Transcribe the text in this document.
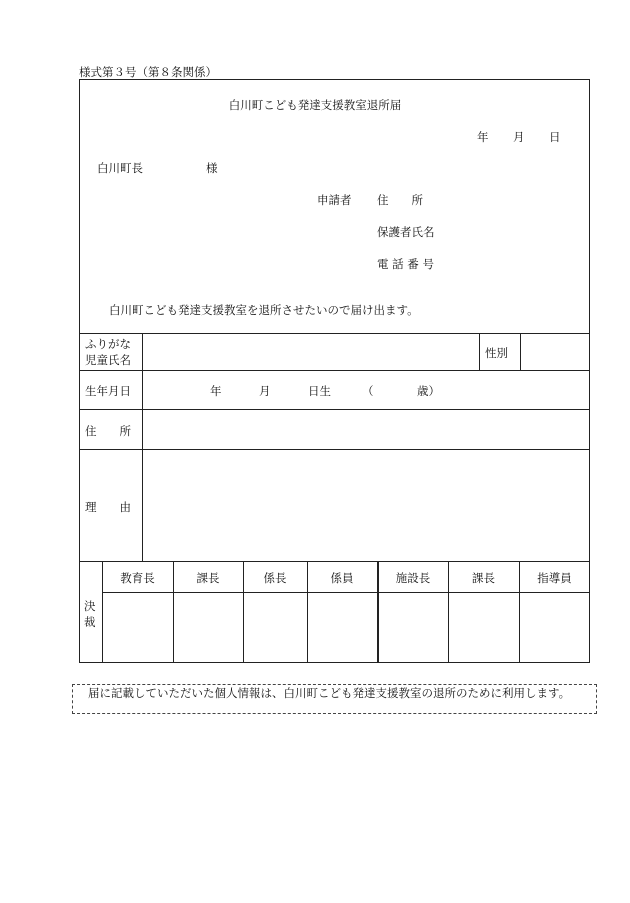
様式第３号（第８条関係）
白川町こども発達支援教室退所届
年 月 日
白川町長	様
申請者 住　　所
保護者氏名
電 話 番 号
白川町こども発達支援教室を退所させたいので届け出ます。
ふりがな
児童氏名	性別
生年月日	年	月	日生	（	歳）
住　　所
理　　由
決
裁
教育長	課長	係長	係員	施設長	課長	指導員
届に記載していただいた個人情報は、白川町こども発達支援教室の退所のために利用します。
